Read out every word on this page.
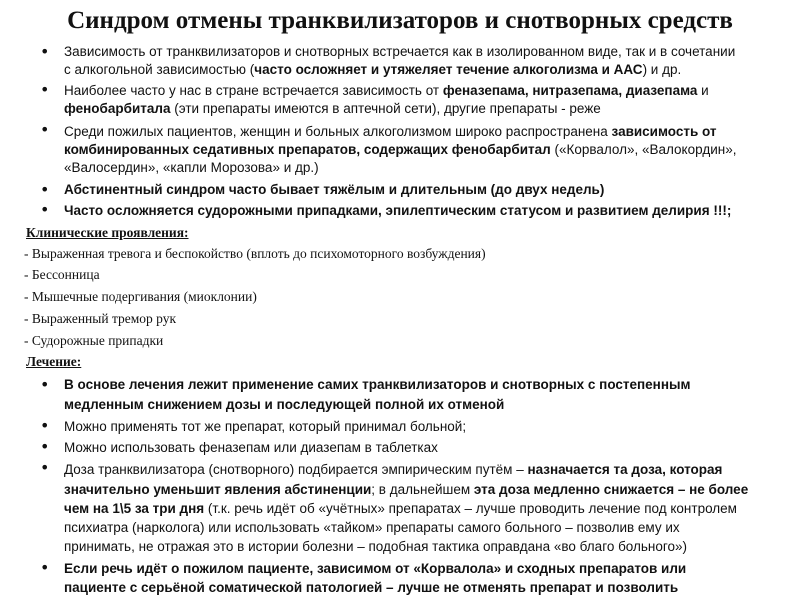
Синдром отмены транквилизаторов и снотворных средств
• Зависимость от транквилизаторов и снотворных встречается как в изолированном виде, так и в сочетании
с алкогольной зависимостью (часто осложняет и утяжеляет течение алкоголизма и ААС) и др.
• Наиболее часто у нас в стране встречается зависимость от феназепама, нитразепама, диазепама и
фенобарбитала (эти препараты имеются в аптечной сети), другие препараты - реже
• Среди пожилых пациентов, женщин и больных алкоголизмом широко распространена зависимость от
комбинированных седативных препаратов, содержащих фенобарбитал («Корвалол», «Валокордин»,
«Валосердин», «капли Морозова» и др.)
• Абстинентный синдром часто бывает тяжёлым и длительным (до двух недель)
• Часто осложняется судорожными припадками, эпилептическим статусом и развитием делирия !!!;
Клинические проявления:
- Выраженная тревога и беспокойство (вплоть до психомоторного возбуждения)
- Бессонница
- Мышечные подергивания (миоклонии)
- Выраженный тремор рук
- Судорожные припадки
Лечение:
• В основе лечения лежит применение самих транквилизаторов и снотворных с постепенным
медленным снижением дозы и последующей полной их отменой
• Можно применять тот же препарат, который принимал больной;
• Можно использовать феназепам или диазепам в таблетках
• Доза транквилизатора (снотворного) подбирается эмпирическим путём – назначается та доза, которая
значительно уменьшит явления абстиненции; в дальнейшем эта доза медленно снижается – не более
чем на 1\5 за три дня (т.к. речь идёт об «учётных» препаратах – лучше проводить лечение под контролем
психиатра (нарколога) или использовать «тайком» препараты самого больного – позволив ему их
принимать, не отражая это в истории болезни – подобная тактика оправдана «во благо больного»)
• Если речь идёт о пожилом пациенте, зависимом от «Корвалола» и сходных препаратов или
пациенте с серьёной соматической патологией – лучше не отменять препарат и позволить
